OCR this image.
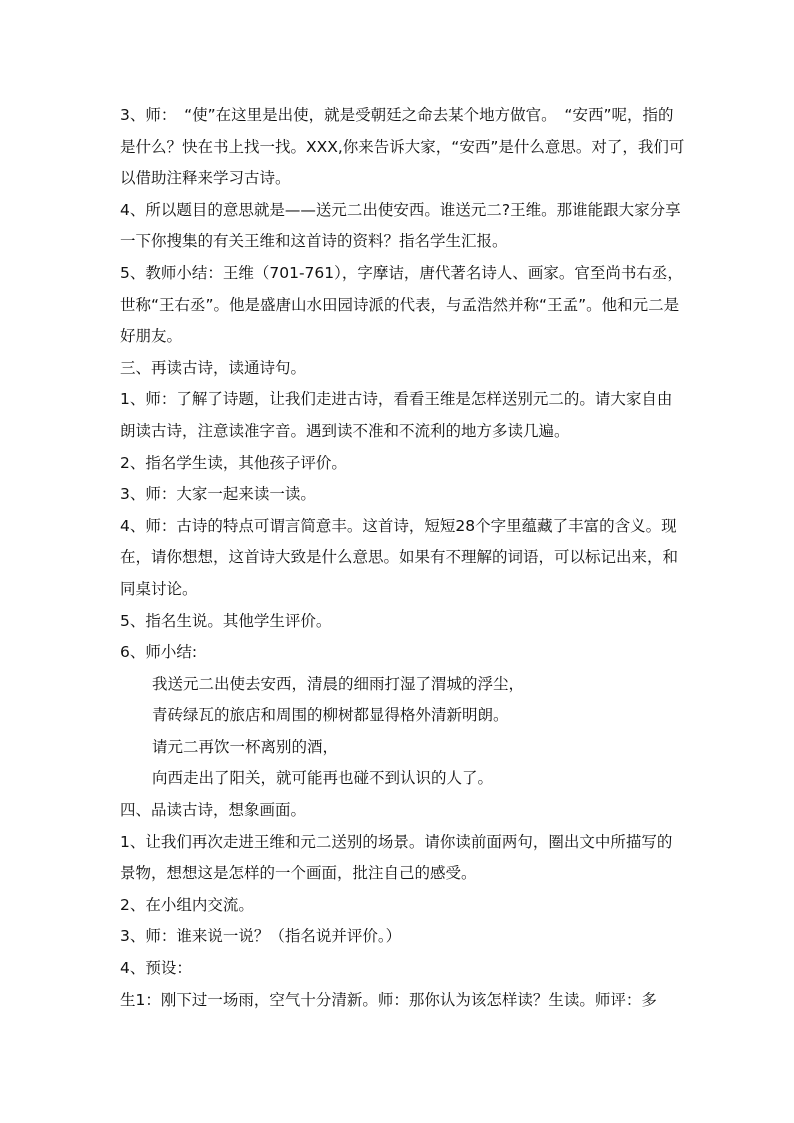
3、师：　“使”在这里是出使，就是受朝廷之命去某个地方做官。　“安西”呢，指的是什么？快在书上找一找。XXX,你来告诉大家，“安西”是什么意思。对了，我们可以借助注释来学习古诗。

4、所以题目的意思就是——送元二出使安西。谁送元二?王维。那谁能跟大家分享一下你搜集的有关王维和这首诗的资料？指名学生汇报。

5、教师小结：王维（701-761），字摩诘，唐代著名诗人、画家。官至尚书右丞，世称“王右丞”。他是盛唐山水田园诗派的代表，与孟浩然并称“王孟”。他和元二是好朋友。

三、再读古诗，读通诗句。

1、师：了解了诗题，让我们走进古诗，看看王维是怎样送别元二的。请大家自由朗读古诗，注意读准字音。遇到读不准和不流利的地方多读几遍。

2、指名学生读，其他孩子评价。

3、师：大家一起来读一读。

4、师：古诗的特点可谓言简意丰。这首诗，短短28个字里蕴藏了丰富的含义。现在，请你想想，这首诗大致是什么意思。如果有不理解的词语，可以标记出来，和同桌讨论。

5、指名生说。其他学生评价。

6、师小结:

我送元二出使去安西，清晨的细雨打湿了渭城的浮尘，

青砖绿瓦的旅店和周围的柳树都显得格外清新明朗。

请元二再饮一杯离别的酒，

向西走出了阳关，就可能再也碰不到认识的人了。

四、品读古诗，想象画面。

1、让我们再次走进王维和元二送别的场景。请你读前面两句，圈出文中所描写的景物，想想这是怎样的一个画面，批注自己的感受。

2、在小组内交流。

3、师：谁来说一说？（指名说并评价。）

4、预设：

生1：刚下过一场雨，空气十分清新。师：那你认为该怎样读？生读。师评：多
